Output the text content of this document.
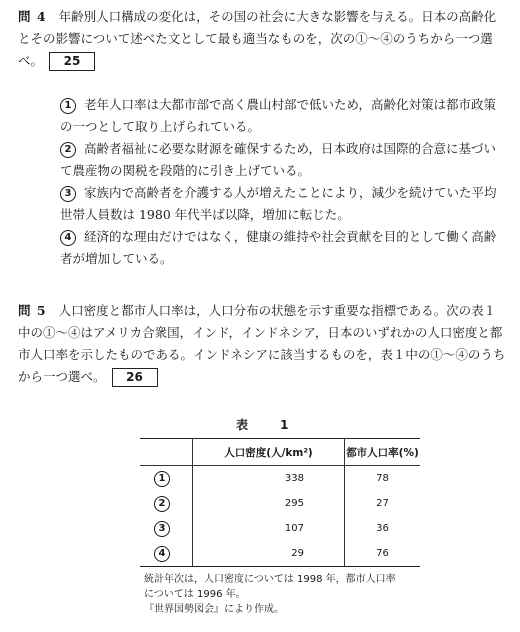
問 4 年齢別人口構成の変化は，その国の社会に大きな影響を与える。日本の高齢化とその影響について述べた文として最も適当なものを，次の①～④のうちから一つ選べ。 25
1 老年人口率は大都市部で高く農山村部で低いため，高齢化対策は都市政策の一つとして取り上げられている。
2 高齢者福祉に必要な財源を確保するため，日本政府は国際的合意に基づいて農産物の関税を段階的に引き上げている。
3 家族内で高齢者を介護する人が増えたことにより，減少を続けていた平均世帯人員数は 1980 年代半ば以降，増加に転じた。
4 経済的な理由だけではなく，健康の維持や社会貢献を目的として働く高齢者が増加している。
問 5 人口密度と都市人口率は，人口分布の状態を示す重要な指標である。次の表１中の①～④はアメリカ合衆国，インド，インドネシア，日本のいずれかの人口密度と都市人口率を示したものである。インドネシアに該当するものを，表１中の①～④のうちから一つ選べ。 26
表 1
	人口密度(人/km²)	都市人口率(%)
1	338	78
2	295	27
3	107	36
4	29	76
統計年次は，人口密度については 1998 年，都市人口率については 1996 年。
『世界国勢図会』により作成。
